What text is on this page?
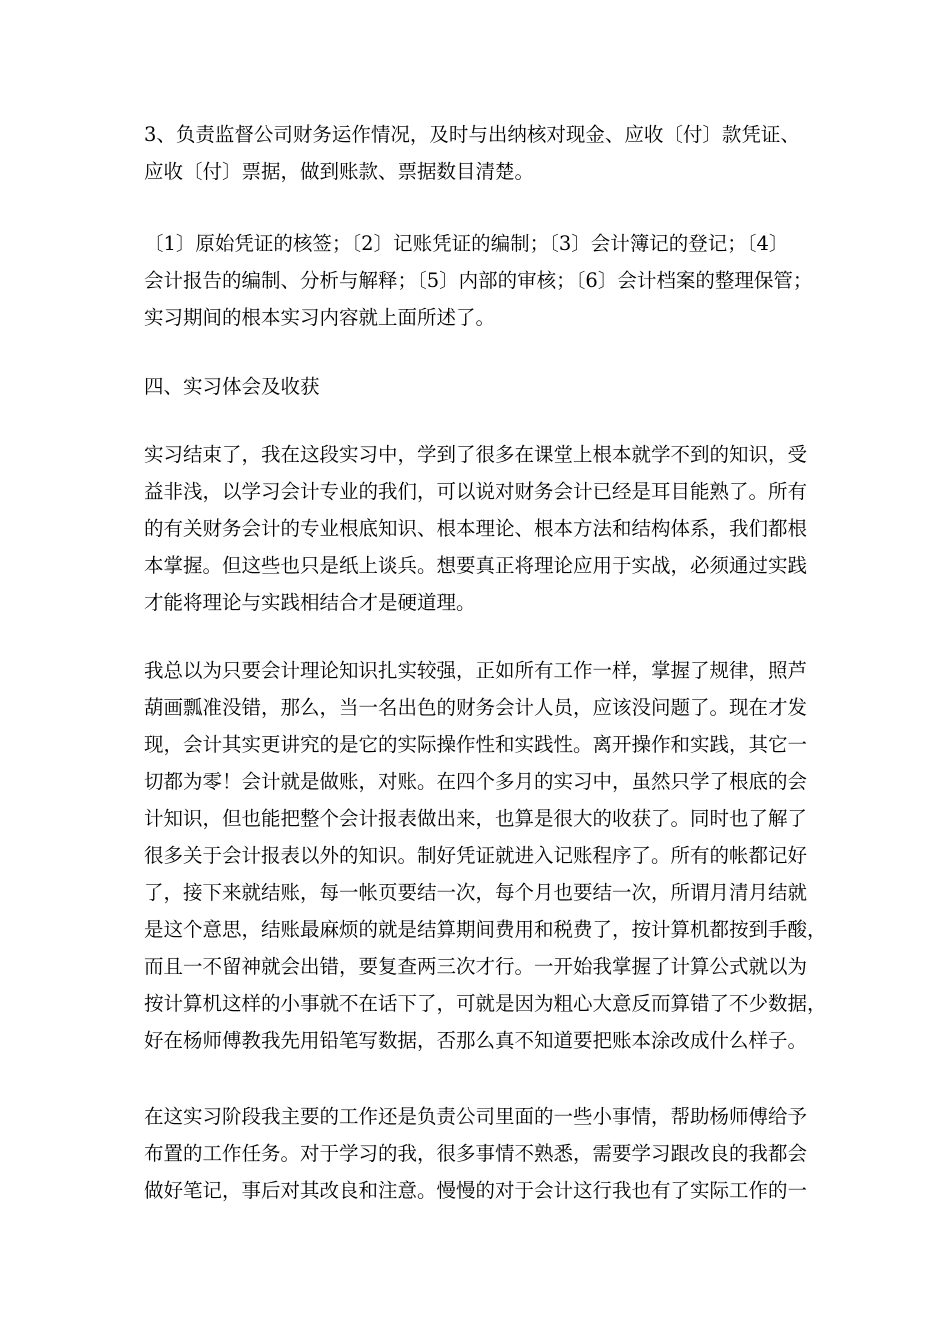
3、负责监督公司财务运作情况，及时与出纳核对现金、应收〔付〕款凭证、
应收〔付〕票据，做到账款、票据数目清楚。
〔1〕原始凭证的核签；〔2〕记账凭证的编制；〔3〕会计簿记的登记；〔4〕
会计报告的编制、分析与解释；〔5〕内部的审核；〔6〕会计档案的整理保管；
实习期间的根本实习内容就上面所述了。
四、实习体会及收获
实习结束了，我在这段实习中，学到了很多在课堂上根本就学不到的知识，受
益非浅，以学习会计专业的我们，可以说对财务会计已经是耳目能熟了。所有
的有关财务会计的专业根底知识、根本理论、根本方法和结构体系，我们都根
本掌握。但这些也只是纸上谈兵。想要真正将理论应用于实战，必须通过实践
才能将理论与实践相结合才是硬道理。
我总以为只要会计理论知识扎实较强，正如所有工作一样，掌握了规律，照芦
葫画瓢准没错，那么，当一名出色的财务会计人员，应该没问题了。现在才发
现，会计其实更讲究的是它的实际操作性和实践性。离开操作和实践，其它一
切都为零！会计就是做账，对账。在四个多月的实习中，虽然只学了根底的会
计知识，但也能把整个会计报表做出来，也算是很大的收获了。同时也了解了
很多关于会计报表以外的知识。制好凭证就进入记账程序了。所有的帐都记好
了，接下来就结账，每一帐页要结一次，每个月也要结一次，所谓月清月结就
是这个意思，结账最麻烦的就是结算期间费用和税费了，按计算机都按到手酸，
而且一不留神就会出错，要复查两三次才行。一开始我掌握了计算公式就以为
按计算机这样的小事就不在话下了，可就是因为粗心大意反而算错了不少数据，
好在杨师傅教我先用铅笔写数据，否那么真不知道要把账本涂改成什么样子。
在这实习阶段我主要的工作还是负责公司里面的一些小事情，帮助杨师傅给予
布置的工作任务。对于学习的我，很多事情不熟悉，需要学习跟改良的我都会
做好笔记，事后对其改良和注意。慢慢的对于会计这行我也有了实际工作的一
